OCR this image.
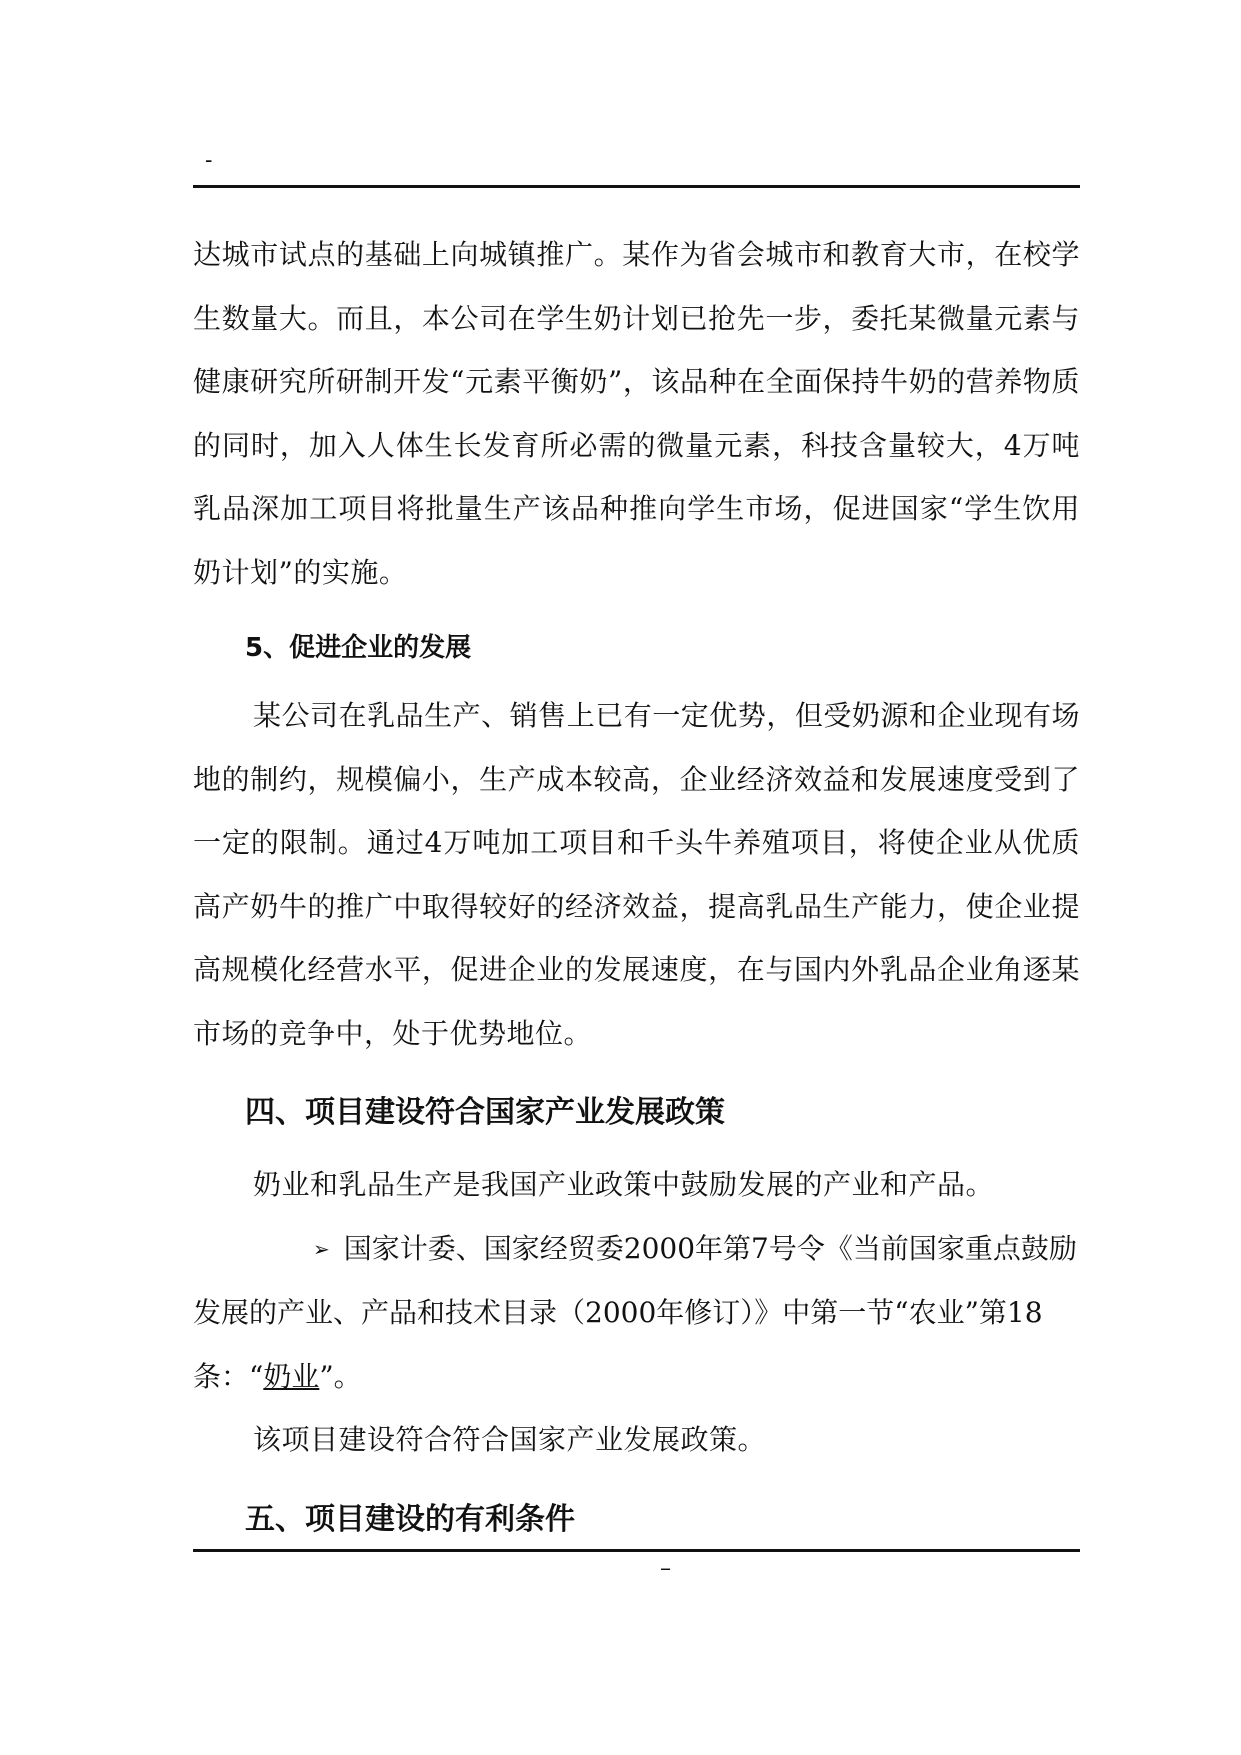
-

达城市试点的基础上向城镇推广。某作为省会城市和教育大市，在校学生数量大。而且，本公司在学生奶计划已抢先一步，委托某微量元素与健康研究所研制开发“元素平衡奶”，该品种在全面保持牛奶的营养物质的同时，加入人体生长发育所必需的微量元素，科技含量较大，4万吨乳品深加工项目将批量生产该品种推向学生市场，促进国家“学生饮用奶计划”的实施。

5、促进企业的发展

某公司在乳品生产、销售上已有一定优势，但受奶源和企业现有场地的制约，规模偏小，生产成本较高，企业经济效益和发展速度受到了一定的限制。通过4万吨加工项目和千头牛养殖项目，将使企业从优质高产奶牛的推广中取得较好的经济效益，提高乳品生产能力，使企业提高规模化经营水平，促进企业的发展速度，在与国内外乳品企业角逐某市场的竞争中，处于优势地位。

四、项目建设符合国家产业发展政策

奶业和乳品生产是我国产业政策中鼓励发展的产业和产品。

➢ 国家计委、国家经贸委2000年第7号令《当前国家重点鼓励发展的产业、产品和技术目录（2000年修订）》中第一节“农业”第18条：“奶业”。

该项目建设符合符合国家产业发展政策。

五、项目建设的有利条件

–
